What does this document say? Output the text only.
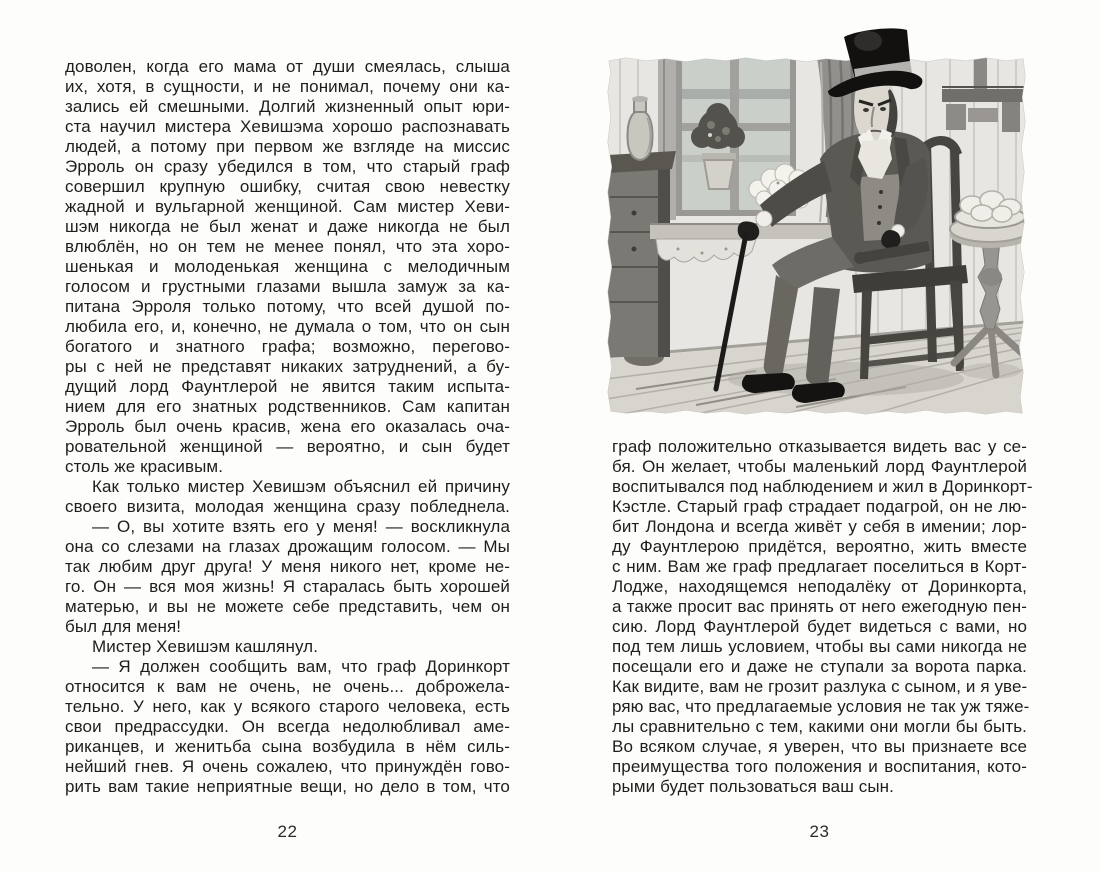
доволен, когда его мама от души смеялась, слыша
их, хотя, в сущности, и не понимал, почему они ка-
зались ей смешными. Долгий жизненный опыт юри-
ста научил мистера Хевишэма хорошо распознавать
людей, а потому при первом же взгляде на миссис
Эрроль он сразу убедился в том, что старый граф
совершил крупную ошибку, считая свою невестку
жадной и вульгарной женщиной. Сам мистер Хеви-
шэм никогда не был женат и даже никогда не был
влюблён, но он тем не менее понял, что эта хоро-
шенькая и молоденькая женщина с мелодичным
голосом и грустными глазами вышла замуж за ка-
питана Эрроля только потому, что всей душой по-
любила его, и, конечно, не думала о том, что он сын
богатого и знатного графа; возможно, перегово-
ры с ней не представят никаких затруднений, а бу-
дущий лорд Фаунтлерой не явится таким испыта-
нием для его знатных родственников. Сам капитан
Эрроль был очень красив, жена его оказалась оча-
ровательной женщиной — вероятно, и сын будет
столь же красивым.
Как только мистер Хевишэм объяснил ей причину
своего визита, молодая женщина сразу побледнела.
— О, вы хотите взять его у меня! — воскликнула
она со слезами на глазах дрожащим голосом. — Мы
так любим друг друга! У меня никого нет, кроме не-
го. Он — вся моя жизнь! Я старалась быть хорошей
матерью, и вы не можете себе представить, чем он
был для меня!
Мистер Хевишэм кашлянул.
— Я должен сообщить вам, что граф Доринкорт
относится к вам не очень, не очень... доброжела-
тельно. У него, как у всякого старого человека, есть
свои предрассудки. Он всегда недолюбливал аме-
риканцев, и женитьба сына возбудила в нём силь-
нейший гнев. Я очень сожалею, что принуждён гово-
рить вам такие неприятные вещи, но дело в том, что
22
граф положительно отказывается видеть вас у се-
бя. Он желает, чтобы маленький лорд Фаунтлерой
воспитывался под наблюдением и жил в Доринкорт-
Кэстле. Старый граф страдает подагрой, он не лю-
бит Лондона и всегда живёт у себя в имении; лор-
ду Фаунтлерою придётся, вероятно, жить вместе
с ним. Вам же граф предлагает поселиться в Корт-
Лодже, находящемся неподалёку от Доринкорта,
а также просит вас принять от него ежегодную пен-
сию. Лорд Фаунтлерой будет видеться с вами, но
под тем лишь условием, чтобы вы сами никогда не
посещали его и даже не ступали за ворота парка.
Как видите, вам не грозит разлука с сыном, и я уве-
ряю вас, что предлагаемые условия не так уж тяже-
лы сравнительно с тем, какими они могли бы быть.
Во всяком случае, я уверен, что вы признаете все
преимущества того положения и воспитания, кото-
рыми будет пользоваться ваш сын.
23
